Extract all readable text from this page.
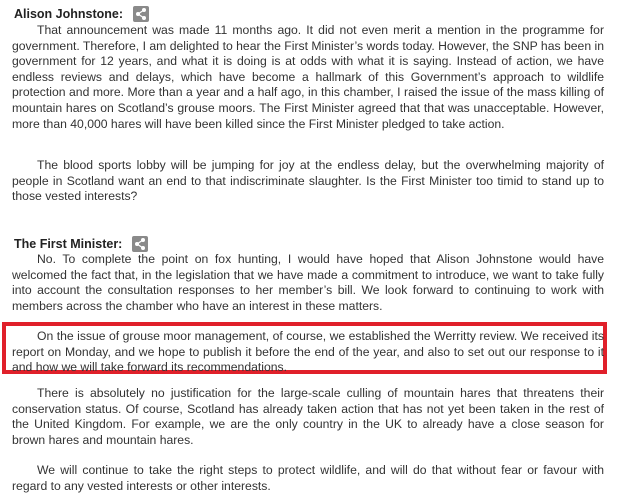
Alison Johnstone:

That announcement was made 11 months ago. It did not even merit a mention in the programme for government. Therefore, I am delighted to hear the First Minister’s words today. However, the SNP has been in government for 12 years, and what it is doing is at odds with what it is saying. Instead of action, we have endless reviews and delays, which have become a hallmark of this Government’s approach to wildlife protection and more. More than a year and a half ago, in this chamber, I raised the issue of the mass killing of mountain hares on Scotland’s grouse moors. The First Minister agreed that that was unacceptable. However, more than 40,000 hares will have been killed since the First Minister pledged to take action.

The blood sports lobby will be jumping for joy at the endless delay, but the overwhelming majority of people in Scotland want an end to that indiscriminate slaughter. Is the First Minister too timid to stand up to those vested interests?

The First Minister:

No. To complete the point on fox hunting, I would have hoped that Alison Johnstone would have welcomed the fact that, in the legislation that we have made a commitment to introduce, we want to take fully into account the consultation responses to her member’s bill. We look forward to continuing to work with members across the chamber who have an interest in these matters.

On the issue of grouse moor management, of course, we established the Werritty review. We received its report on Monday, and we hope to publish it before the end of the year, and also to set out our response to it and how we will take forward its recommendations.

There is absolutely no justification for the large-scale culling of mountain hares that threatens their conservation status. Of course, Scotland has already taken action that has not yet been taken in the rest of the United Kingdom. For example, we are the only country in the UK to already have a close season for brown hares and mountain hares.

We will continue to take the right steps to protect wildlife, and will do that without fear or favour with regard to any vested interests or other interests.
